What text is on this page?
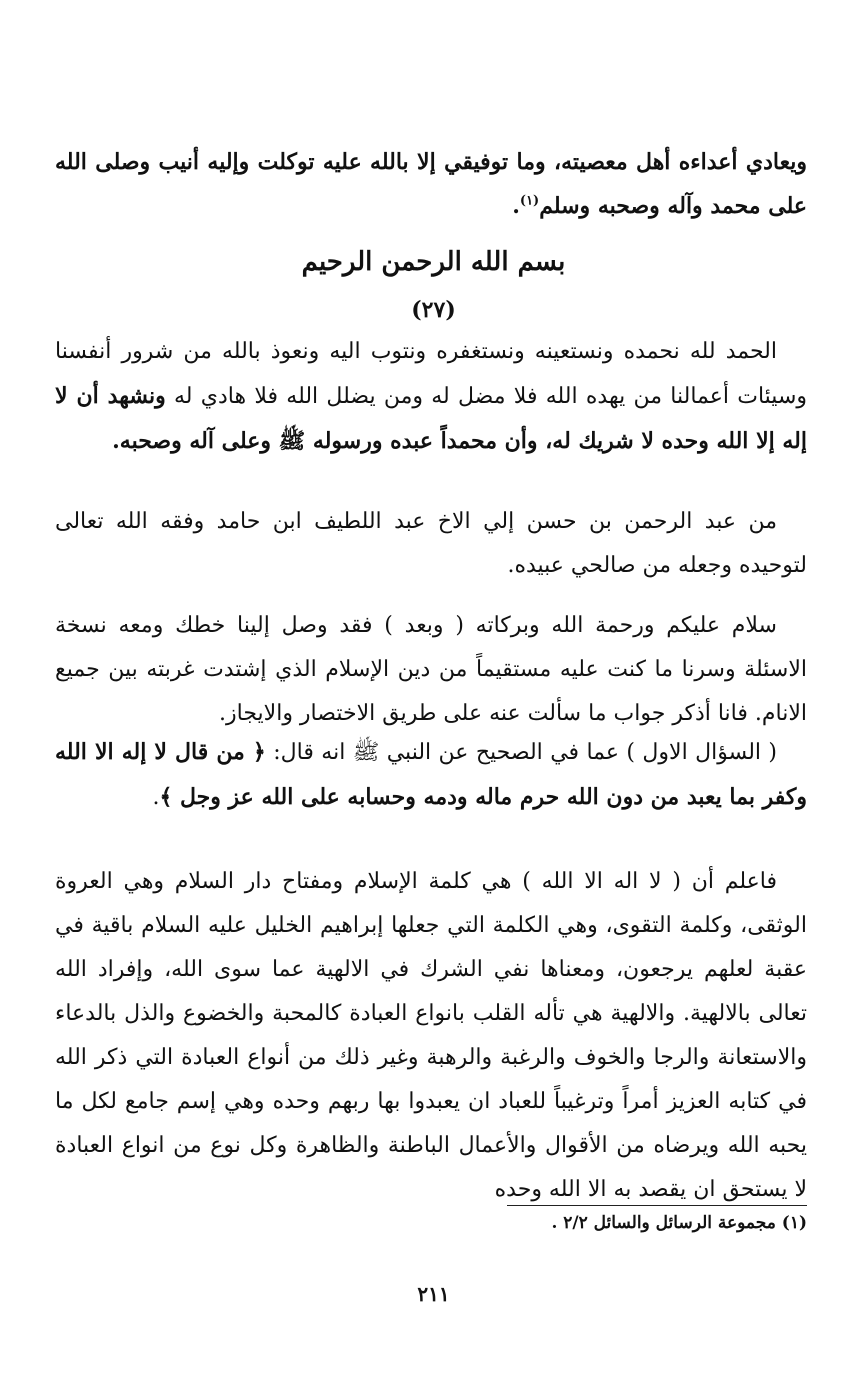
ويعادي أعداءه أهل معصيته، وما توفيقي إلا بالله عليه توكلت وإليه أنيب وصلى الله على محمد وآله وصحبه وسلم$^{(١)}$.
بسم الله الرحمن الرحيم
(٢٧)
الحمد لله نحمده ونستعينه ونستغفره ونتوب اليه ونعوذ بالله من شرور أنفسنا وسيئات أعمالنا من يهده الله فلا مضل له ومن يضلل الله فلا هادي له ونشهد أن لا إله إلا الله وحده لا شريك له، وأن محمداً عبده ورسوله ﷺ وعلى آله وصحبه.
من عبد الرحمن بن حسن إلي الاخ عبد اللطيف ابن حامد وفقه الله تعالى لتوحيده وجعله من صالحي عبيده.
سلام عليكم ورحمة الله وبركاته ( وبعد ) فقد وصل إلينا خطك ومعه نسخة الاسئلة وسرنا ما كنت عليه مستقيماً من دين الإسلام الذي إشتدت غربته بين جميع الانام. فانا أذكر جواب ما سألت عنه على طريق الاختصار والايجاز.
( السؤال الاول ) عما في الصحيح عن النبي ﷺ انه قال: ﴿ من قال لا إله الا الله وكفر بما يعبد من دون الله حرم ماله ودمه وحسابه على الله عز وجل ﴾.
فاعلم أن ( لا اله الا الله ) هي كلمة الإسلام ومفتاح دار السلام وهي العروة الوثقى، وكلمة التقوى، وهي الكلمة التي جعلها إبراهيم الخليل عليه السلام باقية في عقبة لعلهم يرجعون، ومعناها نفي الشرك في الالهية عما سوى الله، وإفراد الله تعالى بالالهية. والالهية هي تأله القلب بانواع العبادة كالمحبة والخضوع والذل بالدعاء والاستعانة والرجا والخوف والرغبة والرهبة وغير ذلك من أنواع العبادة التي ذكر الله في كتابه العزيز أمراً وترغيباً للعباد ان يعبدوا بها ربهم وحده وهي إسم جامع لكل ما يحبه الله ويرضاه من الأقوال والأعمال الباطنة والظاهرة وكل نوع من انواع العبادة لا يستحق ان يقصد به الا الله وحده
(١) مجموعة الرسائل والسائل ٢/٢ .
٢١١
